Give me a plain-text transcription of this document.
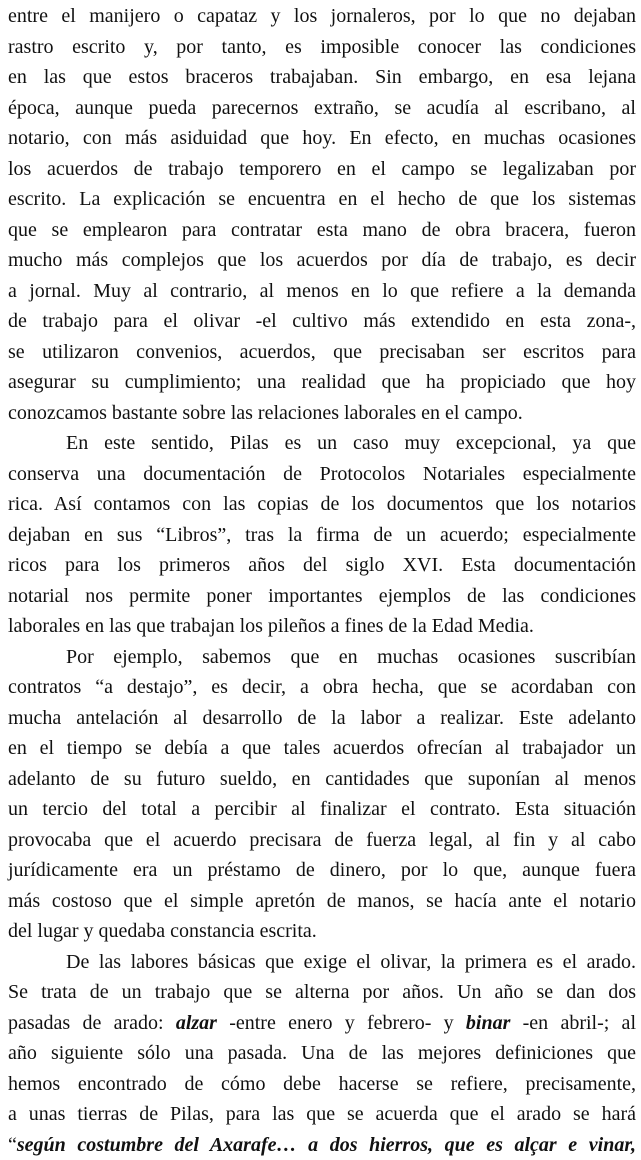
entre el manijero o capataz y los jornaleros, por lo que no dejaban
rastro escrito y, por tanto, es imposible conocer las condiciones
en las que estos braceros trabajaban. Sin embargo, en esa lejana
época, aunque pueda parecernos extraño, se acudía al escribano, al
notario, con más asiduidad que hoy. En efecto, en muchas ocasiones
los acuerdos de trabajo temporero en el campo se legalizaban por
escrito. La explicación se encuentra en el hecho de que los sistemas
que se emplearon para contratar esta mano de obra bracera, fueron
mucho más complejos que los acuerdos por día de trabajo, es decir
a jornal. Muy al contrario, al menos en lo que refiere a la demanda
de trabajo para el olivar -el cultivo más extendido en esta zona-,
se utilizaron convenios, acuerdos, que precisaban ser escritos para
asegurar su cumplimiento; una realidad que ha propiciado que hoy
conozcamos bastante sobre las relaciones laborales en el campo.
En este sentido, Pilas es un caso muy excepcional, ya que
conserva una documentación de Protocolos Notariales especialmente
rica. Así contamos con las copias de los documentos que los notarios
dejaban en sus “Libros”, tras la firma de un acuerdo; especialmente
ricos para los primeros años del siglo XVI. Esta documentación
notarial nos permite poner importantes ejemplos de las condiciones
laborales en las que trabajan los pileños a fines de la Edad Media.
Por ejemplo, sabemos que en muchas ocasiones suscribían
contratos “a destajo”, es decir, a obra hecha, que se acordaban con
mucha antelación al desarrollo de la labor a realizar. Este adelanto
en el tiempo se debía a que tales acuerdos ofrecían al trabajador un
adelanto de su futuro sueldo, en cantidades que suponían al menos
un tercio del total a percibir al finalizar el contrato. Esta situación
provocaba que el acuerdo precisara de fuerza legal, al fin y al cabo
jurídicamente era un préstamo de dinero, por lo que, aunque fuera
más costoso que el simple apretón de manos, se hacía ante el notario
del lugar y quedaba constancia escrita.
De las labores básicas que exige el olivar, la primera es el arado.
Se trata de un trabajo que se alterna por años. Un año se dan dos
pasadas de arado: alzar -entre enero y febrero- y binar -en abril-; al
año siguiente sólo una pasada. Una de las mejores definiciones que
hemos encontrado de cómo debe hacerse se refiere, precisamente,
a unas tierras de Pilas, para las que se acuerda que el arado se hará
“según costumbre del Axarafe… a dos hierros, que es alçar e vinar,
